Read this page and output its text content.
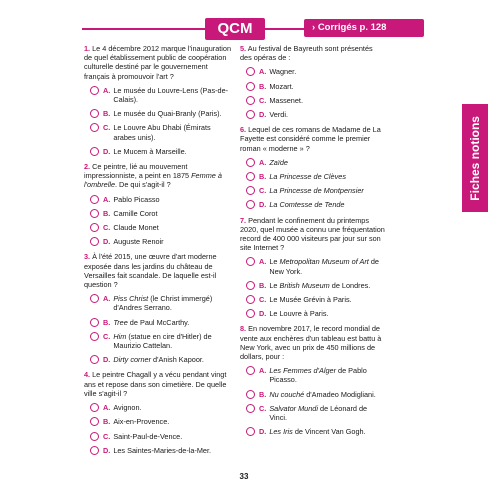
QCM	› Corrigés p. 128
Fiches notions
1. Le 4 décembre 2012 marque l'inauguration de quel établissement public de coopération culturelle destiné par le gouvernement français à promouvoir l'art ?
A. Le musée du Louvre-Lens (Pas-de-Calais).
B. Le musée du Quai-Branly (Paris).
C. Le Louvre Abu Dhabi (Émirats arabes unis).
D. Le Mucem à Marseille.
2. Ce peintre, lié au mouvement impressionniste, a peint en 1875 Femme à l'ombrelle. De qui s'agit-il ?
A. Pablo Picasso
B. Camille Corot
C. Claude Monet
D. Auguste Renoir
3. À l'été 2015, une œuvre d'art moderne exposée dans les jardins du château de Versailles fait scandale. De laquelle est-il question ?
A. Piss Christ (le Christ immergé) d'Andres Serrano.
B. Tree de Paul McCarthy.
C. Him (statue en cire d'Hitler) de Maurizio Cattelan.
D. Dirty corner d'Anish Kapoor.
4. Le peintre Chagall y a vécu pendant vingt ans et repose dans son cimetière. De quelle ville s'agit-il ?
A. Avignon.
B. Aix-en-Provence.
C. Saint-Paul-de-Vence.
D. Les Saintes-Maries-de-la-Mer.
5. Au festival de Bayreuth sont présentés des opéras de :
A. Wagner.
B. Mozart.
C. Massenet.
D. Verdi.
6. Lequel de ces romans de Madame de La Fayette est considéré comme le premier roman « moderne » ?
A. Zaïde
B. La Princesse de Clèves
C. La Princesse de Montpensier
D. La Comtesse de Tende
7. Pendant le confinement du printemps 2020, quel musée a connu une fréquentation record de 400 000 visiteurs par jour sur son site Internet ?
A. Le Metropolitan Museum of Art de New York.
B. Le British Museum de Londres.
C. Le Musée Grévin à Paris.
D. Le Louvre à Paris.
8. En novembre 2017, le record mondial de vente aux enchères d'un tableau est battu à New York, avec un prix de 450 millions de dollars, pour :
A. Les Femmes d'Alger de Pablo Picasso.
B. Nu couché d'Amadeo Modigliani.
C. Salvator Mundi de Léonard de Vinci.
D. Les Iris de Vincent Van Gogh.
33
